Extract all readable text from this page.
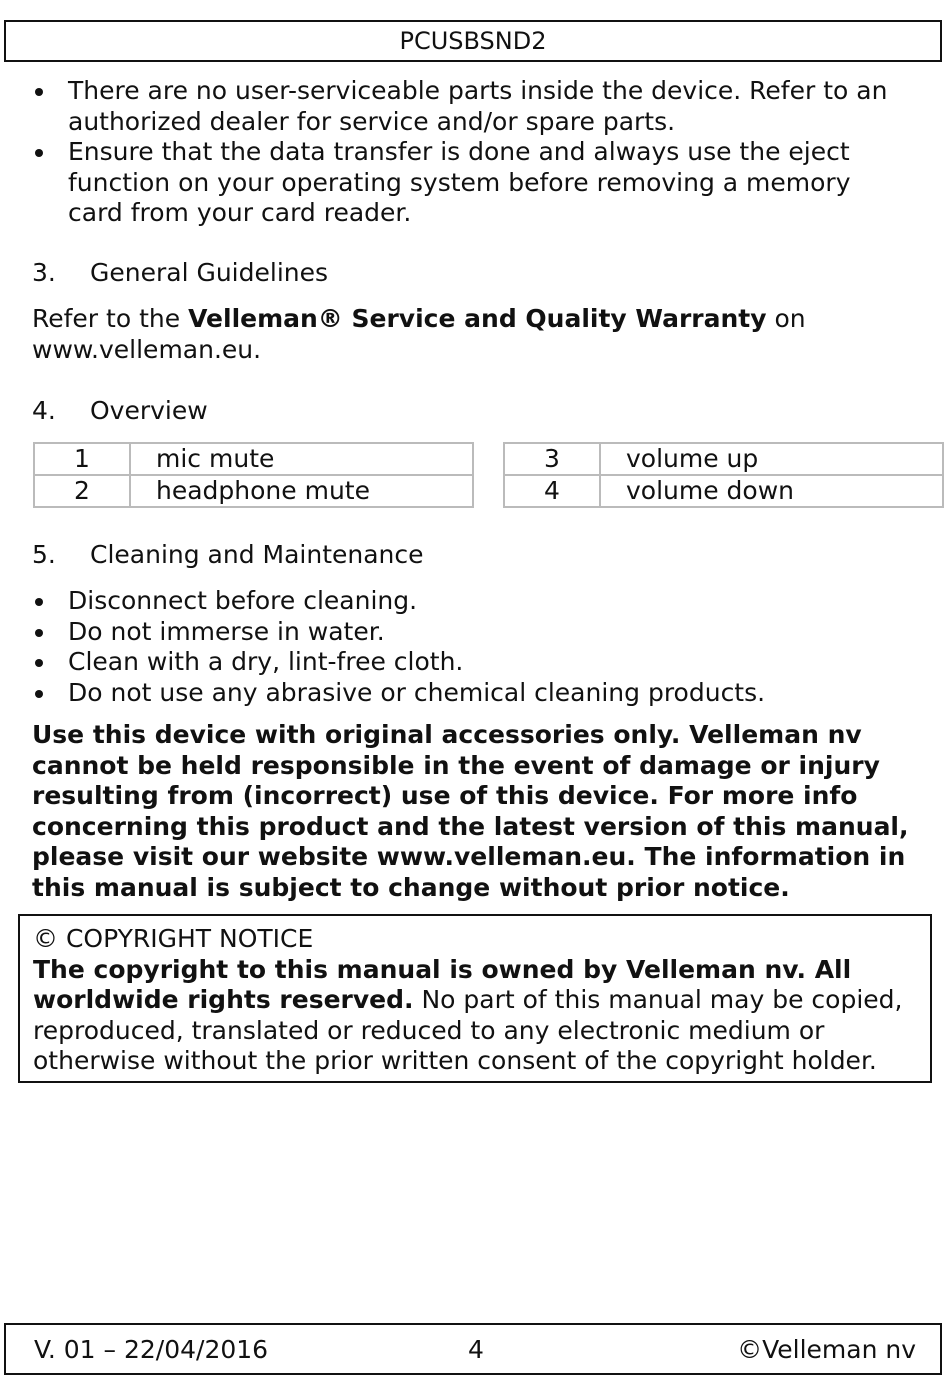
PCUSBSND2
There are no user-serviceable parts inside the device. Refer to an authorized dealer for service and/or spare parts.
Ensure that the data transfer is done and always use the eject function on your operating system before removing a memory card from your card reader.
3.	General Guidelines

Refer to the Velleman® Service and Quality Warranty on www.velleman.eu.

4.	Overview
1	mic mute
2	headphone mute
3	volume up
4	volume down
5.	Cleaning and Maintenance
Disconnect before cleaning.
Do not immerse in water.
Clean with a dry, lint-free cloth.
Do not use any abrasive or chemical cleaning products.

Use this device with original accessories only. Velleman nv cannot be held responsible in the event of damage or injury resulting from (incorrect) use of this device. For more info concerning this product and the latest version of this manual, please visit our website www.velleman.eu. The information in this manual is subject to change without prior notice.

© COPYRIGHT NOTICE
The copyright to this manual is owned by Velleman nv. All worldwide rights reserved. No part of this manual may be copied, reproduced, translated or reduced to any electronic medium or otherwise without the prior written consent of the copyright holder.
V. 01 – 22/04/2016	4	©Velleman nv
